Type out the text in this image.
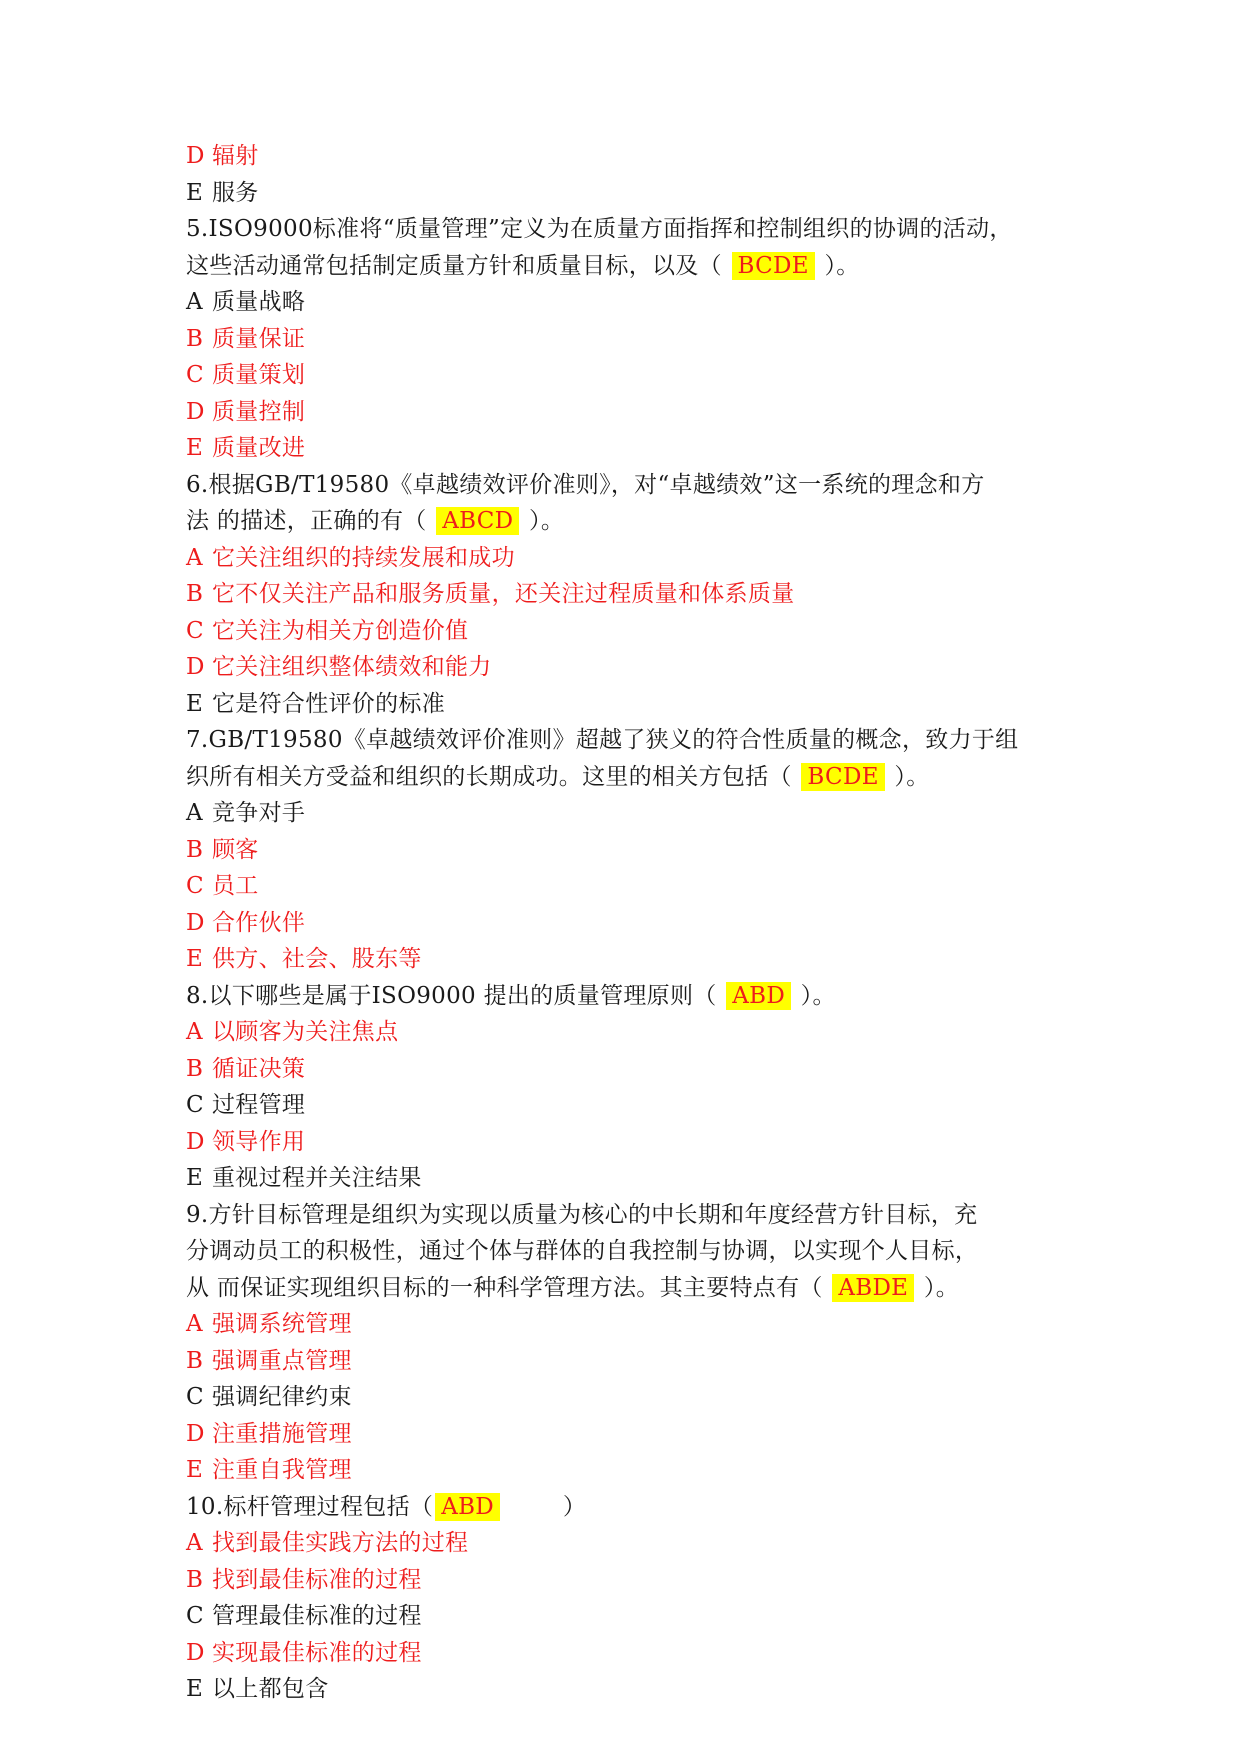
D 辐射
E 服务
5.ISO9000标准将“质量管理”定义为在质量方面指挥和控制组织的协调的活动，
这些活动通常包括制定质量方针和质量目标，以及（ BCDE ）。
A 质量战略
B 质量保证
C 质量策划
D 质量控制
E 质量改进
6.根据GB/T19580《卓越绩效评价准则》，对“卓越绩效”这一系统的理念和方
法 的描述，正确的有（ ABCD ）。
A 它关注组织的持续发展和成功
B 它不仅关注产品和服务质量，还关注过程质量和体系质量
C 它关注为相关方创造价值
D 它关注组织整体绩效和能力
E 它是符合性评价的标准
7.GB/T19580《卓越绩效评价准则》超越了狭义的符合性质量的概念，致力于组
织所有相关方受益和组织的长期成功。这里的相关方包括（ BCDE ）。
A 竞争对手
B 顾客
C 员工
D 合作伙伴
E 供方、社会、股东等
8.以下哪些是属于ISO9000 提出的质量管理原则（ ABD ）。
A 以顾客为关注焦点
B 循证决策
C 过程管理
D 领导作用
E 重视过程并关注结果
9.方针目标管理是组织为实现以质量为核心的中长期和年度经营方针目标，充
分调动员工的积极性，通过个体与群体的自我控制与协调，以实现个人目标，
从 而保证实现组织目标的一种科学管理方法。其主要特点有（ ABDE ）。
A 强调系统管理
B 强调重点管理
C 强调纪律约束
D 注重措施管理
E 注重自我管理
10.标杆管理过程包括（ ABD        ）
A 找到最佳实践方法的过程
B 找到最佳标准的过程
C 管理最佳标准的过程
D 实现最佳标准的过程
E 以上都包含
